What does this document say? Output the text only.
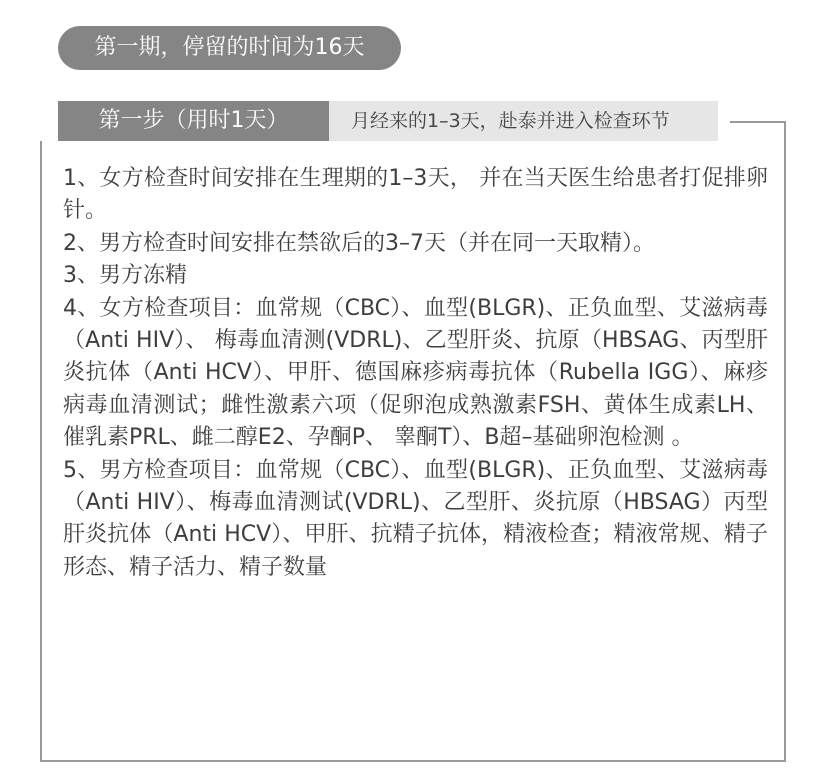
第一期，停留的时间为16天
第一步（用时1天）	月经来的1–3天，赴泰并进入检查环节

1、女方检查时间安排在生理期的1–3天， 并在当天医生给患者打促排卵针。

2、男方检查时间安排在禁欲后的3–7天（并在同一天取精）。

3、男方冻精

4、女方检查项目：血常规（CBC）、血型(BLGR)、正负血型、艾滋病毒（Anti HIV）、 梅毒血清测(VDRL)、乙型肝炎、抗原（HBSAG、丙型肝炎抗体（Anti HCV）、甲肝、德国麻疹病毒抗体（Rubella IGG）、麻疹病毒血清测试；雌性激素六项（促卵泡成熟激素FSH、黄体生成素LH、催乳素PRL、雌二醇E2、孕酮P、 睾酮T）、B超–基础卵泡检测 。

5、男方检查项目：血常规（CBC）、血型(BLGR)、正负血型、艾滋病毒（Anti HIV）、梅毒血清测试(VDRL)、乙型肝、炎抗原（HBSAG）丙型肝炎抗体（Anti HCV）、甲肝、抗精子抗体，精液检查；精液常规、精子形态、精子活力、精子数量
